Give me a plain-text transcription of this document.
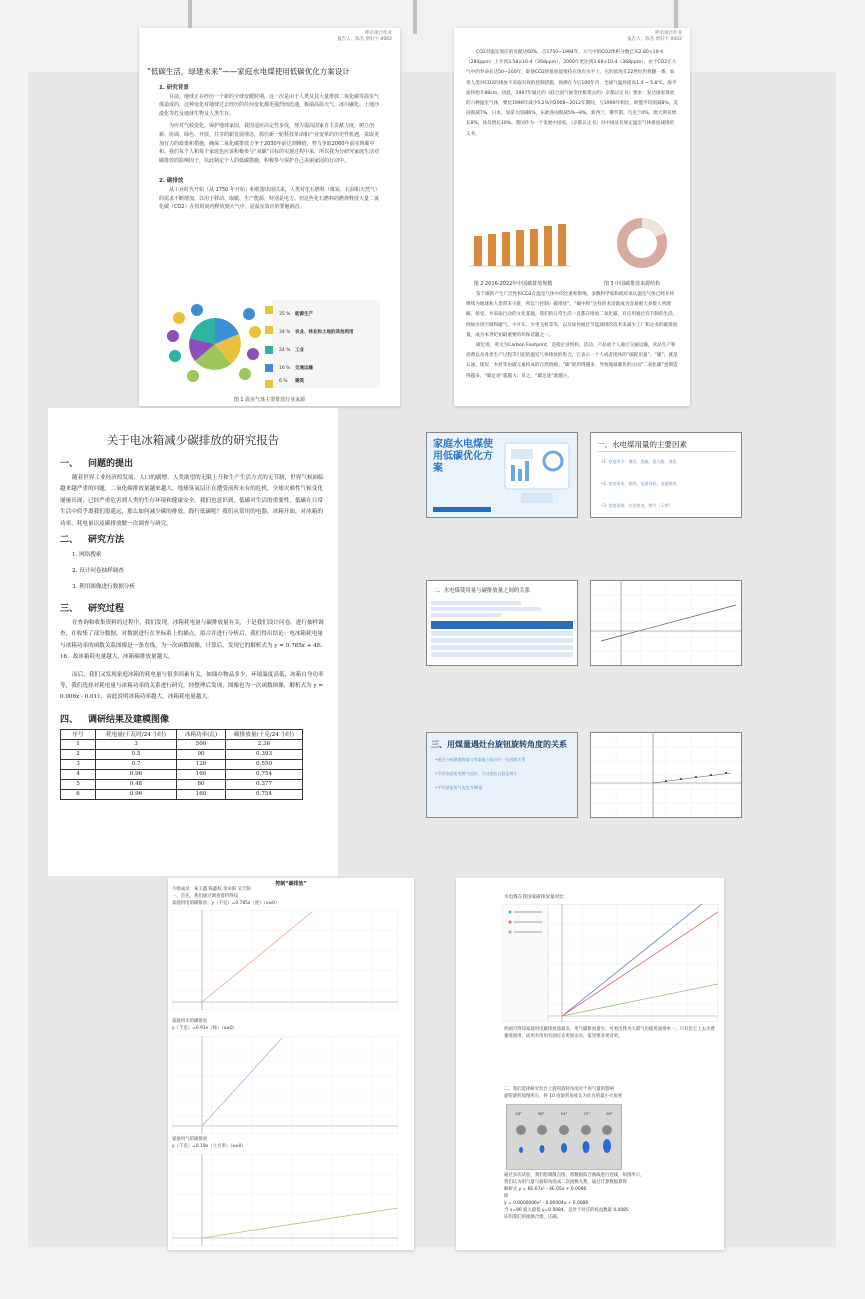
呼市项目作业
报告人：陈杰 贾轩宇 0002
“低碳生活，绿建未来”——家庭水电煤使用低碳优化方案设计
1. 研究背景
目前，地球正在经历一个新的全球变暖时期，这一次是由于人类及其大量排放二氧化碳等温室气体造成的，这种变化对地球过去经历的任何变化都更强烈而迅速，极端高温天气、冰川融化、土地沙漠化等危及地球生物及人类生存。
为应对气候变化，保护地球家园，我国适应决定性步伐，努力提高国家自主贡献力度，树立创新、协调、绿色、开放、共享的新发展理念，抓住新一轮科技革命和产业变革的历史性机遇，采取更加有力的政策和措施，确保二氧化碳排放力争于2030年前达到峰值，努力争取2060年前实现碳中和。我们每个人和每个家庭也应该积极参与“双碳”目标的实现过程中来，所以我为分研究家庭生活对碳排放的影响因子，以此制定个人的低碳措施，积极参与保护自己美丽家园的行动中。
2. 碳排放
从工业时代开始（从 1750 年开始）和机器出现以来，人类对化石燃料（煤炭、石油和天然气）的需求不断增加，以用于移动、取暖、生产能源，特别是电力。但这些化石燃料的燃烧释放大量二氧化碳（CO2）在短时间内释放到大气中，是温室效应的罪魁祸首。
35 % 能源生产
34 % 农业、林业和土地的其他利用
24 % 工业
16 % 交通运输
6 % 建筑
图 1 温室气体主要排放行业来源
呼市项目作业
报告人：陈杰 贾轩宇 0002
CO2对温室效应的贡献达60%，自1750~1994年，大气中的CO2体积分数已从2.80×10-4（280ppm）上升到3.58×10-4（358ppm），2000年更达到3.68×10-4（368ppm）。由于CO2在大气中的寿命长达50~200年，即使CO2的排放能维持在现有水平上，它的浓度在22世纪仍将翻一番，如果人类对CO2的排放不采取有效的控制措施，预测在今后100年内，全球气温将提高1.4 ~ 5.8℃，海平面将抬升88cm。因此，1997年通过的《联合国气候变化框架公约》京都议定书》要求：发达国家排放的六种温室气体，要比1990年减少5.2%到2008~2012年期间，与1990年相比，欧盟平均削减8%，美国削减7%，日本、加拿大削减6%，东欧各国削减5%~8%，新西兰、俄罗斯、乌克兰0%，澳大利亚增长8%，冰岛增长10%。我国作为一个发展中国家，《京都议定书》对中国及有规定温室气体排放减排的义务。
图 2 2016-2022年中国碳排放规模	图 3 中国碳排放来源结构
鉴于碳的产生广泛性和CO2在温室气体中的比重和影响，多数科学家和政府承认温室气体已经并将继续为地球和人类带来灾难，所以“（控制）碳排放”、“碳中和”这样的术语就成为容易被大多数人所理解、接受、并采取行动的文化基础。我们的日常生活一直都在排放二氧化碳，有应用通过有节制的生活，例如少用空调和暖气、少开车、少坐飞机等等，以及如何通过节能减排的技术来减少工厂和企业的碳排放量，成为本世纪初最重要的环保话题之一。
碳足迹，英文为Carbon Footprint，是指企业机构、活动、产品或个人通过交通运输、食品生产和消费以及各类生产过程等引起的温室气体排放的集合。它表示一个人或者团体的“碳耗用量”。“碳”，就是石油、煤炭、木材等由碳元素构成的自然资源。“碳”耗用得越多，导致地球暖化的元凶“二氧化碳”也制造得越多，“碳足迹”就越大；反之，“碳足迹”就越小。
关于电冰箱减少碳排放的研究报告
一、 问题的提出

随着世界工业经济的发展、人口的剧增、人类欲望的无限上升和生产生活方式的无节制，世界气候面临越来越严重的问题，二氧化碳排放量越来越大，地球臭氧层正在遭受前所未有的危机，全球灾难性气候变化屡屡出现，已经严重危害到人类的生存环境和健康安全。我们也意识到，低碳对生活的重要性，低碳在日常生活中似乎离我们很遥远，那么如何减少碳的排放，践行低碳呢？我们从常用的电器，冰箱开始，对冰箱的功率、耗电量以及碳排放做一次调查与研究。

二、 研究方法
1. 网络搜索
2. 设计问卷抽样调查
3. 利用图像进行数据分析
三、 研究过程

在查询和收集资料的过程中，我们发现，冰箱耗电量与碳排放量有关，于是我们设计问卷，进行抽样调查，在收集了部分数据，对数据进行在坐标系上的描点，拟合并进行分析后，我们得出结论：电冰箱耗电量与冰箱功率的函数关系图像是一条直线，为一次函数图像，计算后，发现它的解析式为 y = 0.785x + 4E-16，故冰箱耗电量越大，冰箱碳排放量越大。

而后，我们又发现家庭冰箱的耗电量与很多因素有关，如储存物品多少，环境温度高低，冰箱自身功率等，我们选择对耗电量与冰箱功率的关系进行研究，经整理后发现，图像也为一次函数图像，解析式为 y = 0.006x - 0.011，由此说明冰箱功率越大，冰箱耗电量越大。

四、 调研结果及建模图像
序号	耗电量(千瓦时/24 小时)	冰箱功率(瓦)	碳排放量(千克/24 小时)
1	3	500	2.36
2	0.5	90	0.393
3	0.7	120	0.550
4	0.96	160	0.754
5	0.48	80	0.377
6	0.96	160	0.754
家庭水电煤使用低碳优化方案
一、水电煤用量的主要因素
•1. 家庭用水：淋浴、洗碗、洗衣服、浇花
•2. 家庭用电：照明、电器待机、电器使用
•3. 家庭用煤：社会排放、燃气（天然）
二、水电煤使用量与碳排放量之间的关系
三、用煤量遇灶台旋钮旋转角度的关系
•通过分析测量数据与用煤量之间具有一次函数关系
•不同家庭使用燃气灶时，可以把灶台旋钮调小
•平均最佳用气角度为90度
控制“碳排放”
小组成员：朱王鑫 陈鑫权 余卓阳 吴天阳
一、首先，我们通过调查资料得知
家庭用电的碳排放：y（千克）=0.785x（度）（x≥0）
家庭用水的碳排放
y（千克）=0.91x（吨）（x≥0）
家庭用气的碳排放
y（千克）=0.19x（立方米）（x≥0）
水电煤在我国家碳排放量对比：
所画可得知家庭用电碳排放量最多，用气碳排放量少，可看出我为大部气历使用油排单一，只有比它上去水费强进使用，而用水用用有油过去更加安卓，家里要多更省更。
二、我们选择研究灶台上旋钮旋转角度对于用气量的影响
旋钮旋转如图所示，将 10 度旋转角度认为灶台的最小火角度
18°	36°	54°	72°	90°
通过多次试验，我们绘制散点图，将数据拟合曲线进行连线，如图所示，
我们认为用气量与旋钮角度成二次函数关系，通过计算数据算得
解析式 y = 6E-07x² - 4E-05x + 0.0086
即
y = 0.0000006x² - 0.00004x + 0.0086
当 x=90 旋入最低 y=0.0084，是处于对应的权益数最 0.0085
证明我们的推测合理，正确。
